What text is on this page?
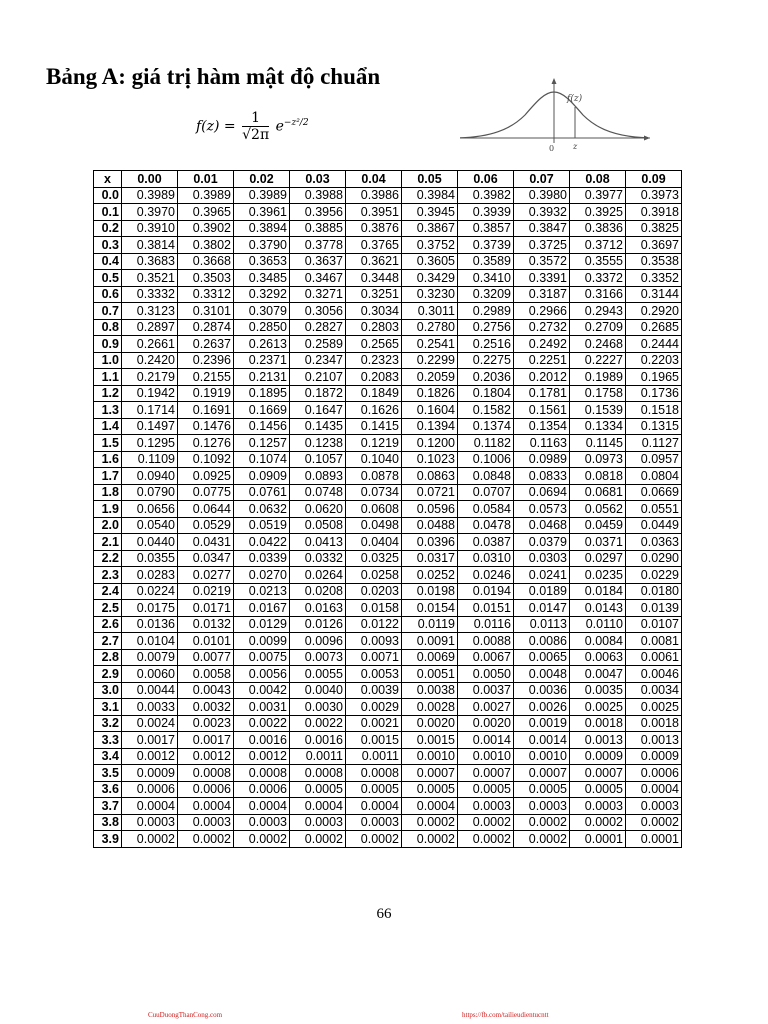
Bảng A: giá trị hàm mật độ chuẩn
$f(z) = \frac{1}{√2\pi} e^{-z^2/2}$
f(z)
0 z
x	0.00	0.01	0.02	0.03	0.04	0.05	0.06	0.07	0.08	0.09
0.0	0.3989	0.3989	0.3989	0.3988	0.3986	0.3984	0.3982	0.3980	0.3977	0.3973
0.1	0.3970	0.3965	0.3961	0.3956	0.3951	0.3945	0.3939	0.3932	0.3925	0.3918
0.2	0.3910	0.3902	0.3894	0.3885	0.3876	0.3867	0.3857	0.3847	0.3836	0.3825
0.3	0.3814	0.3802	0.3790	0.3778	0.3765	0.3752	0.3739	0.3725	0.3712	0.3697
0.4	0.3683	0.3668	0.3653	0.3637	0.3621	0.3605	0.3589	0.3572	0.3555	0.3538
0.5	0.3521	0.3503	0.3485	0.3467	0.3448	0.3429	0.3410	0.3391	0.3372	0.3352
0.6	0.3332	0.3312	0.3292	0.3271	0.3251	0.3230	0.3209	0.3187	0.3166	0.3144
0.7	0.3123	0.3101	0.3079	0.3056	0.3034	0.3011	0.2989	0.2966	0.2943	0.2920
0.8	0.2897	0.2874	0.2850	0.2827	0.2803	0.2780	0.2756	0.2732	0.2709	0.2685
0.9	0.2661	0.2637	0.2613	0.2589	0.2565	0.2541	0.2516	0.2492	0.2468	0.2444
1.0	0.2420	0.2396	0.2371	0.2347	0.2323	0.2299	0.2275	0.2251	0.2227	0.2203
1.1	0.2179	0.2155	0.2131	0.2107	0.2083	0.2059	0.2036	0.2012	0.1989	0.1965
1.2	0.1942	0.1919	0.1895	0.1872	0.1849	0.1826	0.1804	0.1781	0.1758	0.1736
1.3	0.1714	0.1691	0.1669	0.1647	0.1626	0.1604	0.1582	0.1561	0.1539	0.1518
1.4	0.1497	0.1476	0.1456	0.1435	0.1415	0.1394	0.1374	0.1354	0.1334	0.1315
1.5	0.1295	0.1276	0.1257	0.1238	0.1219	0.1200	0.1182	0.1163	0.1145	0.1127
1.6	0.1109	0.1092	0.1074	0.1057	0.1040	0.1023	0.1006	0.0989	0.0973	0.0957
1.7	0.0940	0.0925	0.0909	0.0893	0.0878	0.0863	0.0848	0.0833	0.0818	0.0804
1.8	0.0790	0.0775	0.0761	0.0748	0.0734	0.0721	0.0707	0.0694	0.0681	0.0669
1.9	0.0656	0.0644	0.0632	0.0620	0.0608	0.0596	0.0584	0.0573	0.0562	0.0551
2.0	0.0540	0.0529	0.0519	0.0508	0.0498	0.0488	0.0478	0.0468	0.0459	0.0449
2.1	0.0440	0.0431	0.0422	0.0413	0.0404	0.0396	0.0387	0.0379	0.0371	0.0363
2.2	0.0355	0.0347	0.0339	0.0332	0.0325	0.0317	0.0310	0.0303	0.0297	0.0290
2.3	0.0283	0.0277	0.0270	0.0264	0.0258	0.0252	0.0246	0.0241	0.0235	0.0229
2.4	0.0224	0.0219	0.0213	0.0208	0.0203	0.0198	0.0194	0.0189	0.0184	0.0180
2.5	0.0175	0.0171	0.0167	0.0163	0.0158	0.0154	0.0151	0.0147	0.0143	0.0139
2.6	0.0136	0.0132	0.0129	0.0126	0.0122	0.0119	0.0116	0.0113	0.0110	0.0107
2.7	0.0104	0.0101	0.0099	0.0096	0.0093	0.0091	0.0088	0.0086	0.0084	0.0081
2.8	0.0079	0.0077	0.0075	0.0073	0.0071	0.0069	0.0067	0.0065	0.0063	0.0061
2.9	0.0060	0.0058	0.0056	0.0055	0.0053	0.0051	0.0050	0.0048	0.0047	0.0046
3.0	0.0044	0.0043	0.0042	0.0040	0.0039	0.0038	0.0037	0.0036	0.0035	0.0034
3.1	0.0033	0.0032	0.0031	0.0030	0.0029	0.0028	0.0027	0.0026	0.0025	0.0025
3.2	0.0024	0.0023	0.0022	0.0022	0.0021	0.0020	0.0020	0.0019	0.0018	0.0018
3.3	0.0017	0.0017	0.0016	0.0016	0.0015	0.0015	0.0014	0.0014	0.0013	0.0013
3.4	0.0012	0.0012	0.0012	0.0011	0.0011	0.0010	0.0010	0.0010	0.0009	0.0009
3.5	0.0009	0.0008	0.0008	0.0008	0.0008	0.0007	0.0007	0.0007	0.0007	0.0006
3.6	0.0006	0.0006	0.0006	0.0005	0.0005	0.0005	0.0005	0.0005	0.0005	0.0004
3.7	0.0004	0.0004	0.0004	0.0004	0.0004	0.0004	0.0003	0.0003	0.0003	0.0003
3.8	0.0003	0.0003	0.0003	0.0003	0.0003	0.0002	0.0002	0.0002	0.0002	0.0002
3.9	0.0002	0.0002	0.0002	0.0002	0.0002	0.0002	0.0002	0.0002	0.0001	0.0001
66
CuuDuongThanCong.com	https://fb.com/tailieudientucntt
